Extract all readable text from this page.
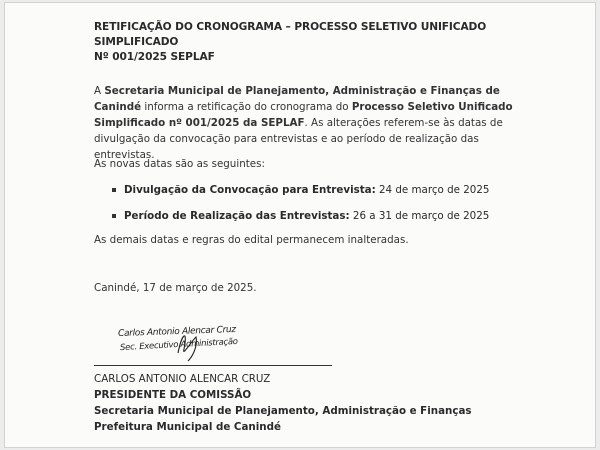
RETIFICAÇÃO DO CRONOGRAMA – PROCESSO SELETIVO UNIFICADO SIMPLIFICADO
Nº 001/2025 SEPLAF
A Secretaria Municipal de Planejamento, Administração e Finanças de Canindé informa a retificação do cronograma do Processo Seletivo Unificado Simplificado nº 001/2025 da SEPLAF. As alterações referem-se às datas de divulgação da convocação para entrevistas e ao período de realização das entrevistas.
As novas datas são as seguintes:
Divulgação da Convocação para Entrevista: 24 de março de 2025
Período de Realização das Entrevistas: 26 a 31 de março de 2025
As demais datas e regras do edital permanecem inalteradas.
Canindé, 17 de março de 2025.
Carlos Antonio Alencar Cruz
Sec. Executivo Administração
CARLOS ANTONIO ALENCAR CRUZ
PRESIDENTE DA COMISSÃO
Secretaria Municipal de Planejamento, Administração e Finanças
Prefeitura Municipal de Canindé
